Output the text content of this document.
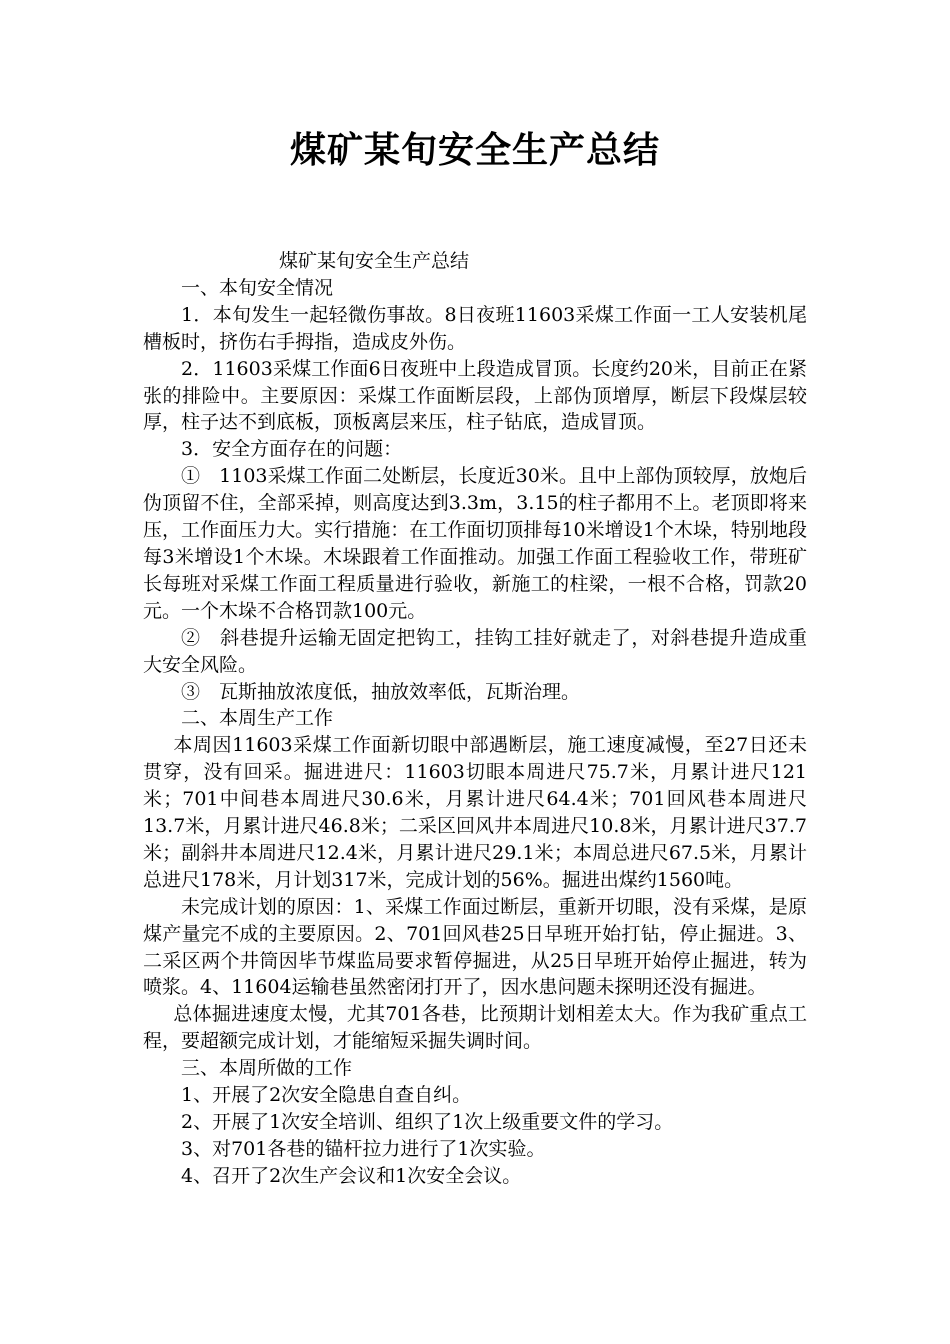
煤矿某旬安全生产总结

煤矿某旬安全生产总结

一、本旬安全情况

1．本旬发生一起轻微伤事故。8日夜班11603采煤工作面一工人安装机尾槽板时，挤伤右手拇指，造成皮外伤。

2．11603采煤工作面6日夜班中上段造成冒顶。长度约20米，目前正在紧张的排险中。主要原因：采煤工作面断层段，上部伪顶增厚，断层下段煤层较厚，柱子达不到底板，顶板离层来压，柱子钻底，造成冒顶。

3．安全方面存在的问题：

①　1103采煤工作面二处断层，长度近30米。且中上部伪顶较厚，放炮后伪顶留不住，全部采掉，则高度达到3.3m，3.15的柱子都用不上。老顶即将来压，工作面压力大。实行措施：在工作面切顶排每10米增设1个木垛，特别地段每3米增设1个木垛。木垛跟着工作面推动。加强工作面工程验收工作，带班矿长每班对采煤工作面工程质量进行验收，新施工的柱梁，一根不合格，罚款20元。一个木垛不合格罚款100元。

②　斜巷提升运输无固定把钩工，挂钩工挂好就走了，对斜巷提升造成重大安全风险。

③　瓦斯抽放浓度低，抽放效率低，瓦斯治理。

二、本周生产工作

本周因11603采煤工作面新切眼中部遇断层，施工速度减慢，至27日还未贯穿，没有回采。掘进进尺：11603切眼本周进尺75.7米，月累计进尺121米；701中间巷本周进尺30.6米，月累计进尺64.4米；701回风巷本周进尺13.7米，月累计进尺46.8米；二采区回风井本周进尺10.8米，月累计进尺37.7米；副斜井本周进尺12.4米，月累计进尺29.1米；本周总进尺67.5米，月累计总进尺178米，月计划317米，完成计划的56%。掘进出煤约1560吨。

未完成计划的原因：1、采煤工作面过断层，重新开切眼，没有采煤，是原煤产量完不成的主要原因。2、701回风巷25日早班开始打钻，停止掘进。3、二采区两个井筒因毕节煤监局要求暂停掘进，从25日早班开始停止掘进，转为喷浆。4、11604运输巷虽然密闭打开了，因水患问题未探明还没有掘进。

总体掘进速度太慢，尤其701各巷，比预期计划相差太大。作为我矿重点工程，要超额完成计划，才能缩短采掘失调时间。

三、本周所做的工作

1、开展了2次安全隐患自查自纠。

2、开展了1次安全培训、组织了1次上级重要文件的学习。

3、对701各巷的锚杆拉力进行了1次实验。

4、召开了2次生产会议和1次安全会议。
